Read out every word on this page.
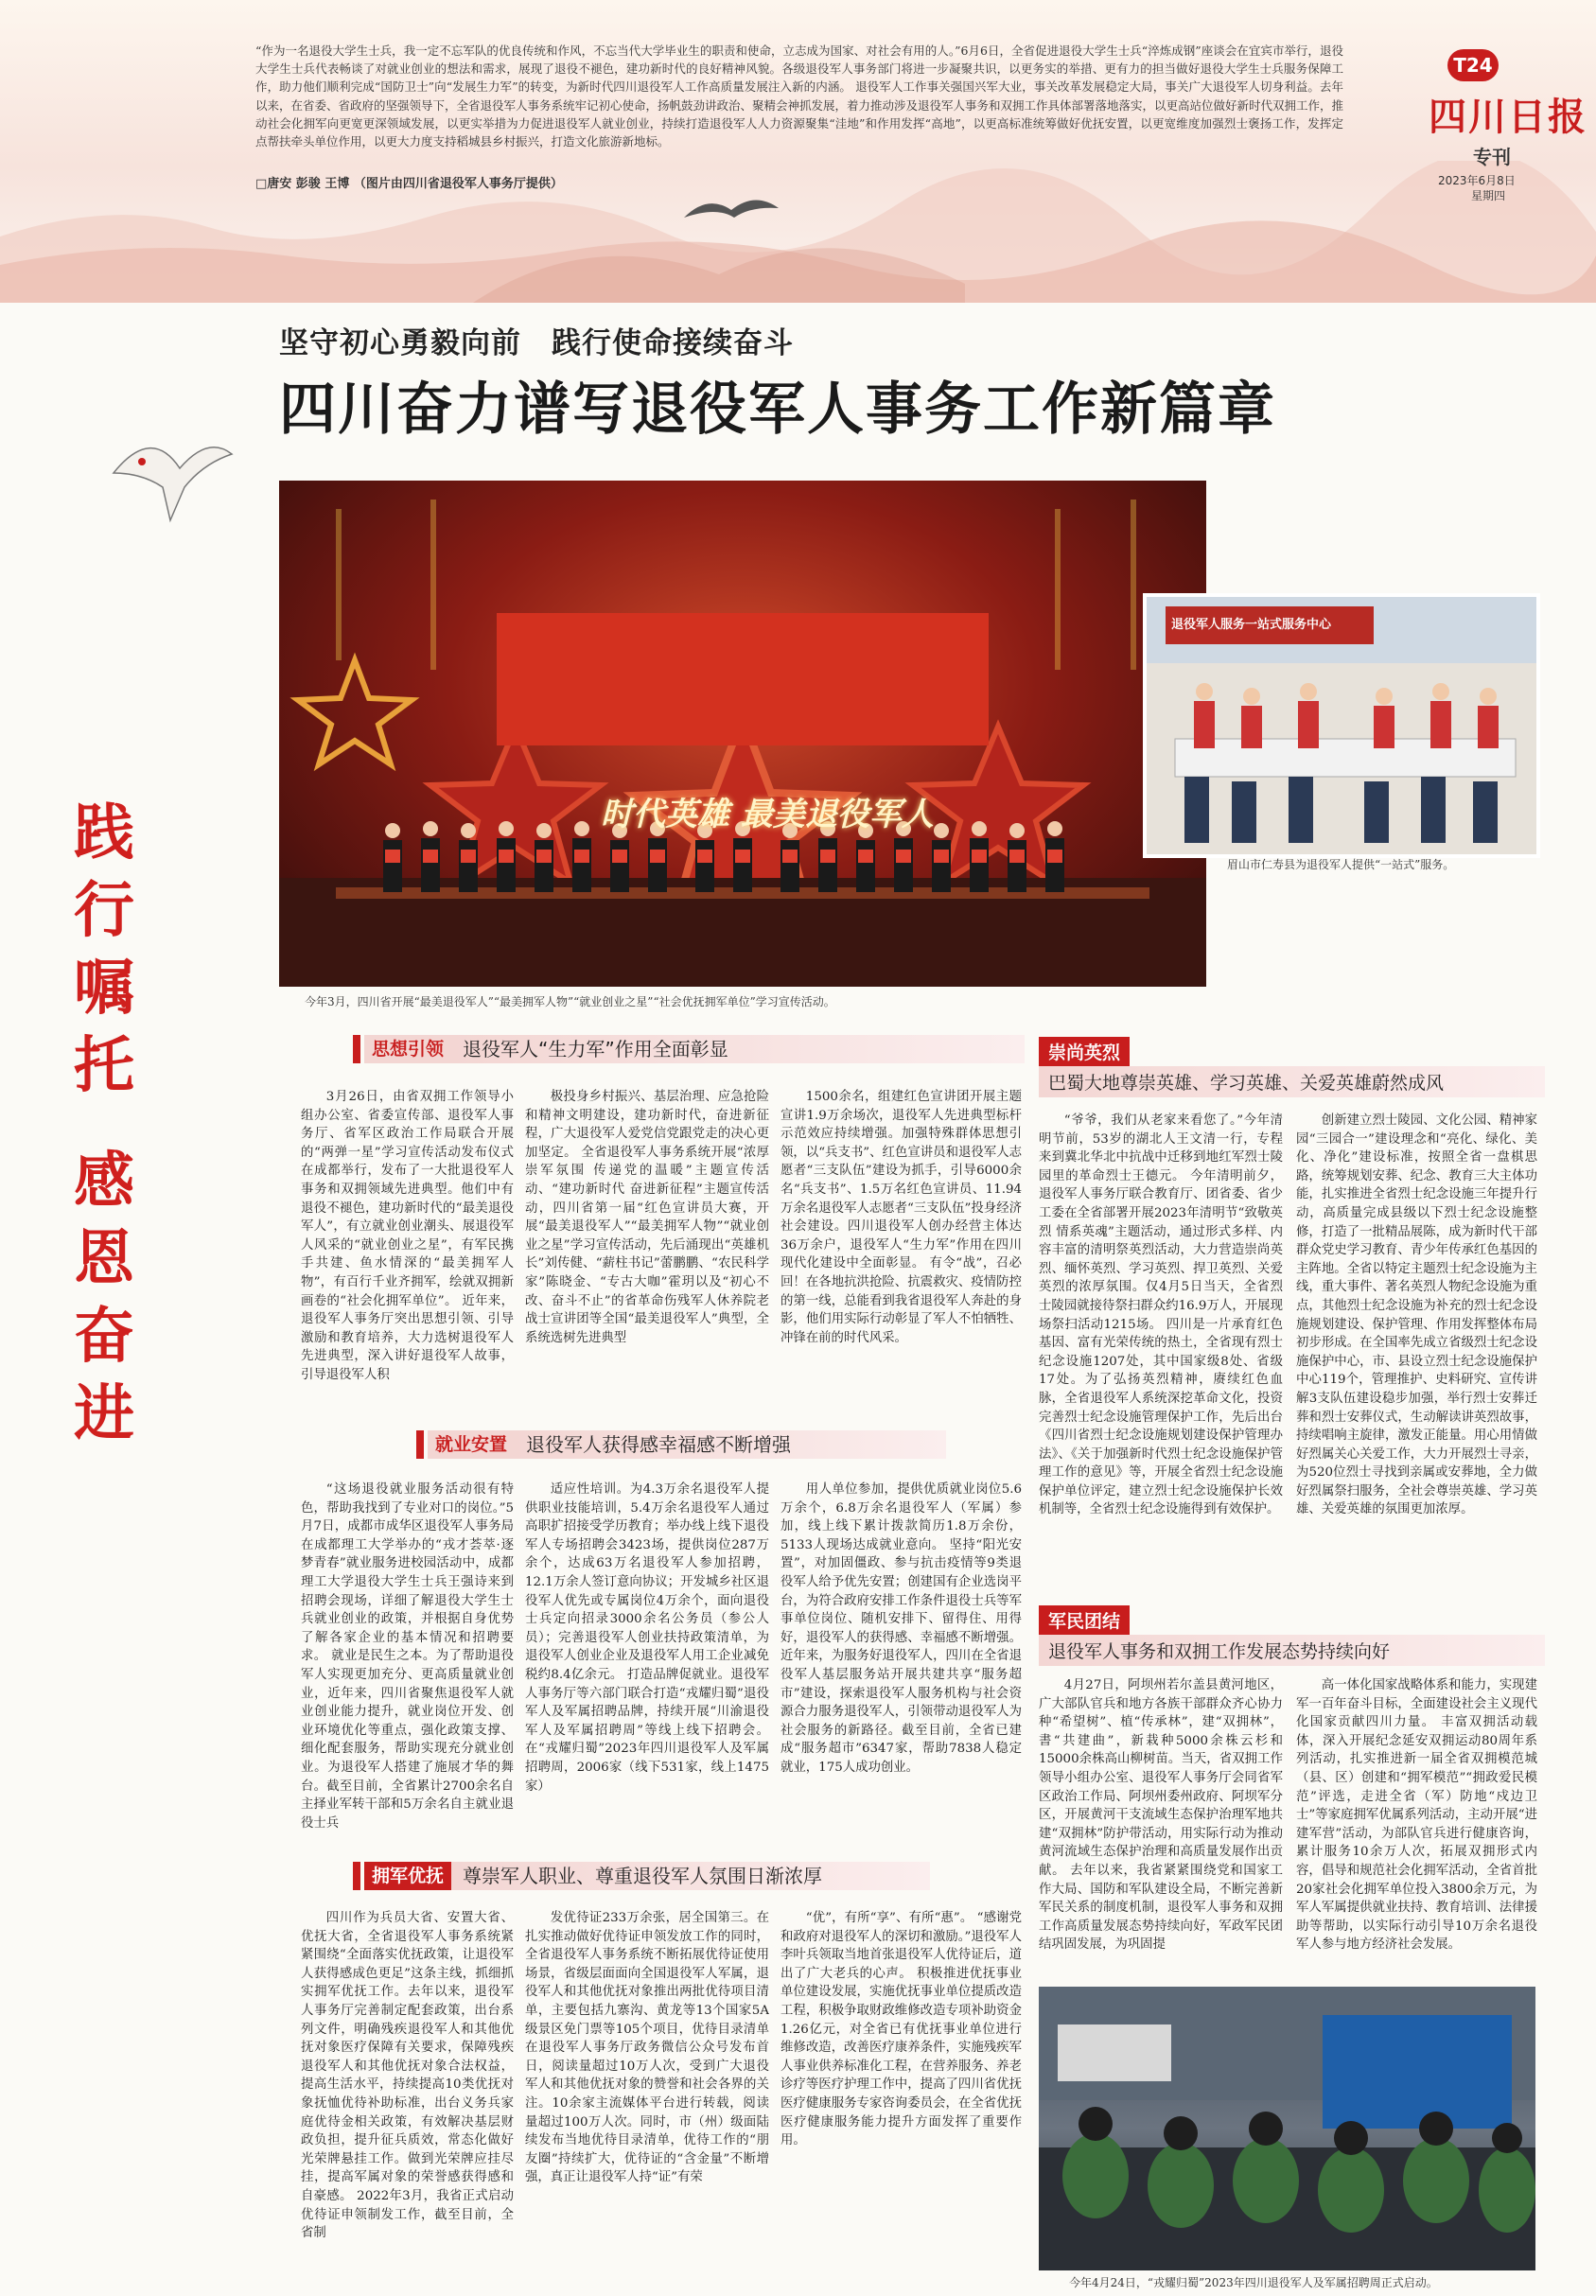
“作为一名退役大学生士兵，我一定不忘军队的优良传统和作风，不忘当代大学毕业生的职责和使命，立志成为国家、对社会有用的人。”6月6日，全省促进退役大学生士兵“淬炼成钢”座谈会在宜宾市举行，退役大学生士兵代表畅谈了对就业创业的想法和需求，展现了退役不褪色，建功新时代的良好精神风貌。各级退役军人事务部门将进一步凝聚共识，以更务实的举措、更有力的担当做好退役大学生士兵服务保障工作，助力他们顺利完成“国防卫士”向“发展生力军”的转变，为新时代四川退役军人工作高质量发展注入新的内涵。 退役军人工作事关强国兴军大业，事关改革发展稳定大局，事关广大退役军人切身利益。去年以来，在省委、省政府的坚强领导下，全省退役军人事务系统牢记初心使命，扬帆鼓劲讲政治、聚精会神抓发展，着力推动涉及退役军人事务和双拥工作具体部署落地落实，以更高站位做好新时代双拥工作，推动社会化拥军向更宽更深领域发展，以更实举措为力促进退役军人就业创业，持续打造退役军人人力资源聚集“洼地”和作用发挥“高地”，以更高标准统筹做好优抚安置，以更宽维度加强烈士褒扬工作，发挥定点帮扶牵头单位作用，以更大力度支持稻城县乡村振兴，打造文化旅游新地标。
□唐安 彭骏 王博 （图片由四川省退役军人事务厅提供）
T24
四川日报
专刊
2023年6月8日
星期四
坚守初心勇毅向前　践行使命接续奋斗
四川奋力谱写退役军人事务工作新篇章
时代英雄 最美退役军人
今年3月，四川省开展“最美退役军人”“最美拥军人物”“就业创业之星”“社会优抚拥军单位”学习宣传活动。
退役军人服务一站式服务中心
眉山市仁寿县为退役军人提供“一站式”服务。
践
行
嘱
托
感
恩
奋
进
思想引领	退役军人“生力军”作用全面彰显

3月26日，由省双拥工作领导小组办公室、省委宣传部、退役军人事务厅、省军区政治工作局联合开展的“两弹一星”学习宣传活动发布仪式在成都举行，发布了一大批退役军人事务和双拥领域先进典型。他们中有退役不褪色，建功新时代的“最美退役军人”，有立就业创业潮头、展退役军人风采的“就业创业之星”，有军民携手共建、鱼水情深的“最美拥军人物”，有百行千业齐拥军，绘就双拥新画卷的“社会化拥军单位”。 近年来，退役军人事务厅突出思想引领、引导激励和教育培养，大力选树退役军人先进典型，深入讲好退役军人故事，引导退役军人积

极投身乡村振兴、基层治理、应急抢险和精神文明建设，建功新时代，奋进新征程，广大退役军人爱党信党跟党走的决心更加坚定。 全省退役军人事务系统开展“浓厚崇军氛围 传递党的温暖”主题宣传活动、“建功新时代 奋进新征程”主题宣传活动，四川省第一届“红色宣讲员大赛，开展“最美退役军人”“最美拥军人物”“就业创业之星”学习宣传活动，先后涌现出“英雄机长”刘传健、“薪柱书记”蕾鹏鹏、“农民科学家”陈晓金、“专古大咖”霍玥以及“初心不改、奋斗不止”的省革命伤残军人休养院老战士宣讲团等全国“最美退役军人”典型，全系统选树先进典型

1500余名，组建红色宣讲团开展主题宣讲1.9万余场次，退役军人先进典型标杆示范效应持续增强。加强特殊群体思想引领，以“兵支书”、红色宣讲员和退役军人志愿者“三支队伍”建设为抓手，引导6000余名“兵支书”、1.5万名红色宣讲员、11.94万余名退役军人志愿者“三支队伍”投身经济社会建设。四川退役军人创办经营主体达36万余户，退役军人“生力军”作用在四川现代化建设中全面彰显。 有令“战”，召必回！在各地抗洪抢险、抗震救灾、疫情防控的第一线，总能看到我省退役军人奔赴的身影，他们用实际行动彰显了军人不怕牺牲、冲锋在前的时代风采。

就业安置	退役军人获得感幸福感不断增强

“这场退役就业服务活动很有特色，帮助我找到了专业对口的岗位。”5月7日，成都市成华区退役军人事务局在成都理工大学举办的“戎才荟萃·逐梦青春”就业服务进校园活动中，成都理工大学退役大学生士兵王强诗来到招聘会现场，详细了解退役大学生士兵就业创业的政策，并根据自身优势了解各家企业的基本情况和招聘要求。 就业是民生之本。为了帮助退役军人实现更加充分、更高质量就业创业，近年来，四川省聚焦退役军人就业创业能力提升，就业岗位开发、创业环境优化等重点，强化政策支撑、细化配套服务，帮助实现充分就业创业。为退役军人搭建了施展才华的舞台。截至目前，全省累计2700余名自主择业军转干部和5万余名自主就业退役士兵

适应性培训。为4.3万余名退役军人提供职业技能培训，5.4万余名退役军人通过高职扩招接受学历教育；举办线上线下退役军人专场招聘会3423场，提供岗位287万余个，达成63万名退役军人参加招聘，12.1万余人签订意向协议；开发城乡社区退役军人优先或专属岗位4万余个，面向退役士兵定向招录3000余名公务员（参公人员）；完善退役军人创业扶持政策清单，为退役军人创业企业及退役军人用工企业减免税约8.4亿余元。 打造品牌促就业。退役军人事务厅等六部门联合打造“戎耀归蜀”退役军人及军属招聘品牌，持续开展“川渝退役军人及军属招聘周”等线上线下招聘会。在“戎耀归蜀”2023年四川退役军人及军属招聘周，2006家（线下531家，线上1475家）

用人单位参加，提供优质就业岗位5.6万余个，6.8万余名退役军人（军属）参加，线上线下累计拨款简历1.8万余份，5133人现场达成就业意向。 坚持“阳光安置”，对加固僵政、参与抗击疫情等9类退役军人给予优先安置；创建国有企业选岗平台，为符合政府安排工作条件退役士兵等军事单位岗位、随机安排下、留得住、用得好，退役军人的获得感、幸福感不断增强。 近年来，为服务好退役军人，四川在全省退役军人基层服务站开展共建共享“服务超市”建设，探索退役军人服务机构与社会资源合力服务退役军人，引领带动退役军人为社会服务的新路径。截至目前，全省已建成“服务超市”6347家，帮助7838人稳定就业，175人成功创业。

拥军优抚	尊崇军人职业、尊重退役军人氛围日渐浓厚

四川作为兵员大省、安置大省、优抚大省，全省退役军人事务系统紧紧围绕“全面落实优抚政策，让退役军人获得感成色更足”这条主线，抓细抓实拥军优抚工作。去年以来，退役军人事务厅完善制定配套政策，出台系列文件，明确残疾退役军人和其他优抚对象医疗保障有关要求，保障残疾退役军人和其他优抚对象合法权益，提高生活水平，持续提高10类优抚对象抚恤优待补助标准，出台义务兵家庭优待金相关政策，有效解决基层财政负担，提升征兵质效，常态化做好光荣牌悬挂工作。做到光荣牌应挂尽挂，提高军属对象的荣誉感获得感和自豪感。 2022年3月，我省正式启动优待证申领制发工作，截至目前，全省制

发优待证233万余张，居全国第三。在扎实推动做好优待证申领发放工作的同时，全省退役军人事务系统不断拓展优待证使用场景，省级层面面向全国退役军人军属，退役军人和其他优抚对象推出两批优待项目清单，主要包括九寨沟、黄龙等13个国家5A级景区免门票等105个项目，优待目录清单在退役军人事务厅政务微信公众号发布首日，阅读量超过10万人次，受到广大退役军人和其他优抚对象的赞誉和社会各界的关注。10余家主流媒体平台进行转载，阅读量超过100万人次。同时，市（州）级面陆续发布当地优待目录清单，优待工作的“朋友圈”持续扩大，优待证的“含金量”不断增强，真正让退役军人持“证”有荣

“优”，有所“享”、有所“惠”。 “感谢党和政府对退役军人的深切和激励。”退役军人李叶兵领取当地首张退役军人优待证后，道出了广大老兵的心声。 积极推进优抚事业单位建设发展，实施优抚事业单位提质改造工程，积极争取财政维修改造专项补助资金1.26亿元，对全省已有优抚事业单位进行维修改造，改善医疗康养条件，实施残疾军人事业供养标准化工程，在营养服务、养老诊疗等医疗护理工作中，提高了四川省优抚医疗健康服务专家咨询委员会，在全省优抚医疗健康服务能力提升方面发挥了重要作用。

崇尚英烈
巴蜀大地尊崇英雄、学习英雄、关爱英雄蔚然成风

“爷爷，我们从老家来看您了。”今年清明节前，53岁的湖北人王文清一行，专程来到冀北华北中抗战中迁移到地红军烈士陵园里的革命烈士王德元。 今年清明前夕，退役军人事务厅联合教育厅、团省委、省少工委在全省部署开展2023年清明节“致敬英烈 情系英魂”主题活动，通过形式多样、内容丰富的清明祭英烈活动，大力营造崇尚英烈、缅怀英烈、学习英烈、捍卫英烈、关爱英烈的浓厚氛围。仅4月5日当天，全省烈士陵园就接待祭扫群众约16.9万人，开展现场祭扫活动1215场。 四川是一片承育红色基因、富有光荣传统的热土，全省现有烈士纪念设施1207处，其中国家级8处、省级17处。为了弘扬英烈精神，赓续红色血脉，全省退役军人系统深挖革命文化，投资完善烈士纪念设施管理保护工作，先后出台《四川省烈士纪念设施规划建设保护管理办法》、《关于加强新时代烈士纪念设施保护管理工作的意见》等，开展全省烈士纪念设施保护单位评定，建立烈士纪念设施保护长效机制等，全省烈士纪念设施得到有效保护。

创新建立烈士陵园、文化公园、精神家园“三园合一”建设理念和“亮化、绿化、美化、净化”建设标准，按照全省一盘棋思路，统筹规划安葬、纪念、教育三大主体功能，扎实推进全省烈士纪念设施三年提升行动，高质量完成县级以下烈士纪念设施整修，打造了一批精品展陈，成为新时代干部群众党史学习教育、青少年传承红色基因的主阵地。全省以特定主题烈士纪念设施为主线，重大事件、著名英烈人物纪念设施为重点，其他烈士纪念设施为补充的烈士纪念设施规划建设、保护管理、作用发挥整体布局初步形成。在全国率先成立省级烈士纪念设施保护中心，市、县设立烈士纪念设施保护中心119个，管理推护、史料研究、宣传讲解3支队伍建设稳步加强，举行烈士安葬迁葬和烈士安葬仪式，生动解读讲英烈故事，持续唱响主旋律，激发正能量。用心用情做好烈属关心关爱工作，大力开展烈士寻亲，为520位烈士寻找到亲属或安葬地，全力做好烈属祭扫服务，全社会尊崇英雄、学习英雄、关爱英雄的氛围更加浓厚。

军民团结
退役军人事务和双拥工作发展态势持续向好

4月27日，阿坝州若尔盖县黄河地区，广大部队官兵和地方各族干部群众齐心协力种“希望树”、植“传承林”，建“双拥林”，書“共建曲”，新栽种5000余株云杉和15000余株高山柳树苗。当天，省双拥工作领导小组办公室、退役军人事务厅会同省军区政治工作局、阿坝州委州政府、阿坝军分区，开展黄河干支流域生态保护治理军地共建“双拥林”防护带活动，用实际行动为推动黄河流域生态保护治理和高质量发展作出贡献。 去年以来，我省紧紧围绕党和国家工作大局、国防和军队建设全局，不断完善新军民关系的制度机制，退役军人事务和双拥工作高质量发展态势持续向好，军政军民团结巩固发展，为巩固提

高一体化国家战略体系和能力，实现建军一百年奋斗目标，全面建设社会主义现代化国家贡献四川力量。 丰富双拥活动载体，深入开展纪念延安双拥运动80周年系列活动，扎实推进新一届全省双拥模范城（县、区）创建和“拥军模范”“拥政爱民模范”评选，走进全省（军）防地“戍边卫士”等家庭拥军优属系列活动，主动开展“进建军营”活动，为部队官兵进行健康咨询，累计服务10余万人次，拓展双拥形式内容，倡导和规范社会化拥军活动，全省首批20家社会化拥军单位投入3800余万元，为军人军属提供就业扶持、教育培训、法律援助等帮助，以实际行动引导10万余名退役军人参与地方经济社会发展。

今年4月24日，“戎耀归蜀”2023年四川退役军人及军属招聘周正式启动。
